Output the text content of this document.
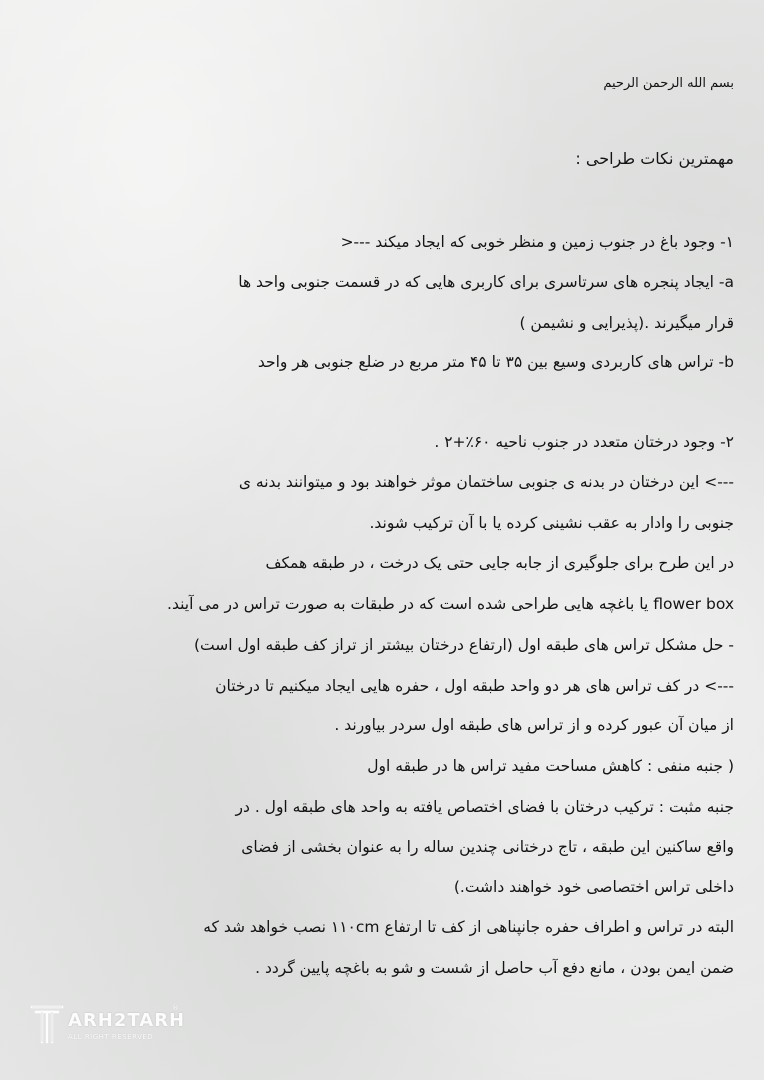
بسم الله الرحمن الرحیم
مهمترین نکات طراحی :
۱- وجود باغ در جنوب زمین و منظر خوبی که ایجاد میکند ---<
a- ایجاد پنجره های سرتاسری برای کاربری هایی که در قسمت جنوبی واحد ها
قرار میگیرند .(پذیرایی و نشیمن )
b- تراس های کاربردی وسیع بین ۳۵ تا ۴۵ متر مربع در ضلع جنوبی هر واحد
۲- وجود درختان متعدد در جنوب ناحیه ۶۰٪+۲ .
---> این درختان در بدنه ی جنوبی ساختمان موثر خواهند بود و میتوانند بدنه ی
جنوبی را وادار به عقب نشینی کرده یا با آن ترکیب شوند.
در این طرح برای جلوگیری از جابه جایی حتی یک درخت ، در طبقه همکف
flower box یا باغچه هایی طراحی شده است که در طبقات به صورت تراس در می آیند.
- حل مشکل تراس های طبقه اول (ارتفاع درختان بیشتر از تراز کف طبقه اول است)
---> در کف تراس های هر دو واحد طبقه اول ، حفره هایی ایجاد میکنیم تا درختان
از میان آن عبور کرده و از تراس های طبقه اول سردر بیاورند .
( جنبه منفی : کاهش مساحت مفید تراس ها در طبقه اول
جنبه مثبت : ترکیب درختان با فضای اختصاص یافته به واحد های طبقه اول . در
واقع ساکنین این طبقه ، تاج درختانی چندین ساله را به عنوان بخشی از فضای
داخلی تراس اختصاصی خود خواهند داشت.)
البته در تراس و اطراف حفره جانپناهی از کف تا ارتفاع ۱۱۰cm نصب خواهد شد که
ضمن ایمن بودن ، مانع دفع آب حاصل از شست و شو به باغچه پایین گردد .
ARH2TARH
ALL RIGHT RESERVED
®
